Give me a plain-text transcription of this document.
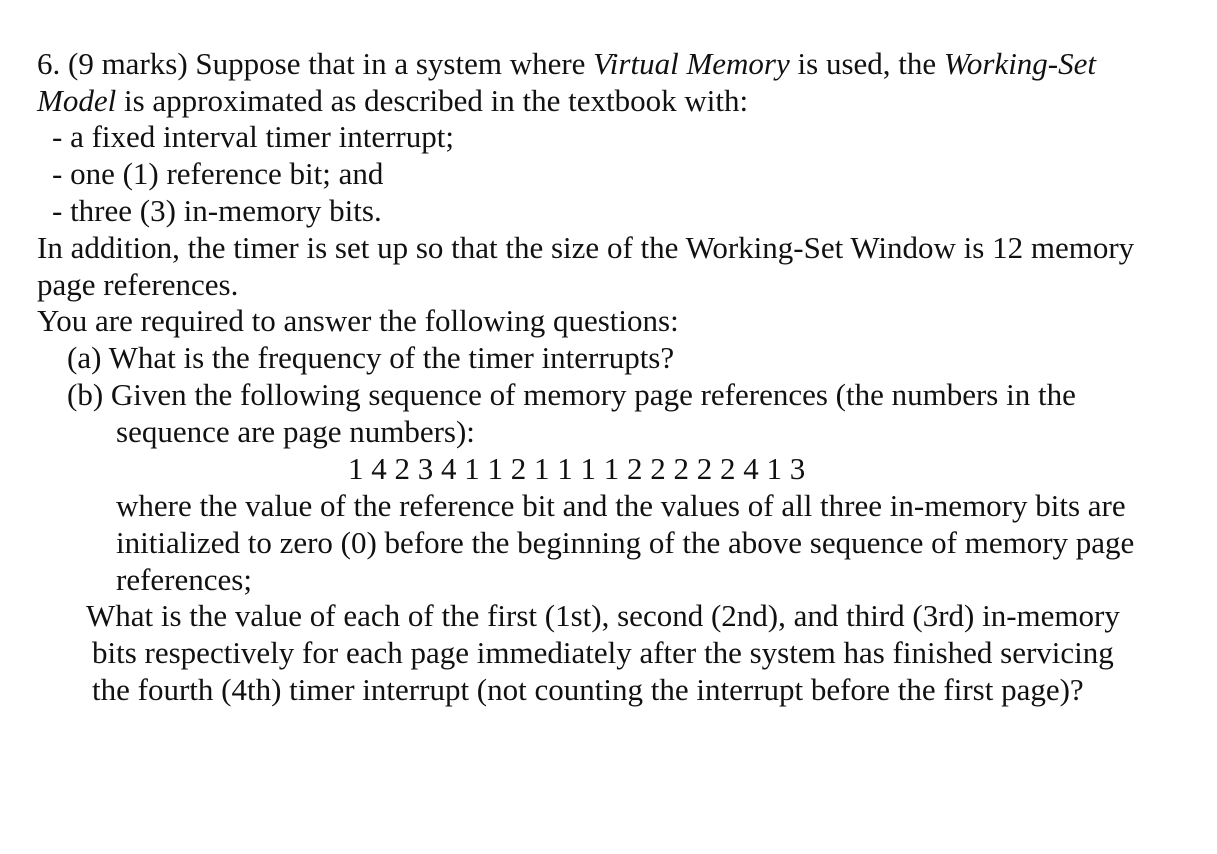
6. (9 marks) Suppose that in a system where Virtual Memory is used, the Working-Set
Model is approximated as described in the textbook with:
- a fixed interval timer interrupt;
- one (1) reference bit; and
- three (3) in-memory bits.
In addition, the timer is set up so that the size of the Working-Set Window is 12 memory
page references.
You are required to answer the following questions:
(a) What is the frequency of the timer interrupts?
(b) Given the following sequence of memory page references (the numbers in the
sequence are page numbers):
1 4 2 3 4 1 1 2 1 1 1 1 2 2 2 2 2 4 1 3
where the value of the reference bit and the values of all three in-memory bits are
initialized to zero (0) before the beginning of the above sequence of memory page
references;
What is the value of each of the first (1st), second (2nd), and third (3rd) in-memory
bits respectively for each page immediately after the system has finished servicing
the fourth (4th) timer interrupt (not counting the interrupt before the first page)?
